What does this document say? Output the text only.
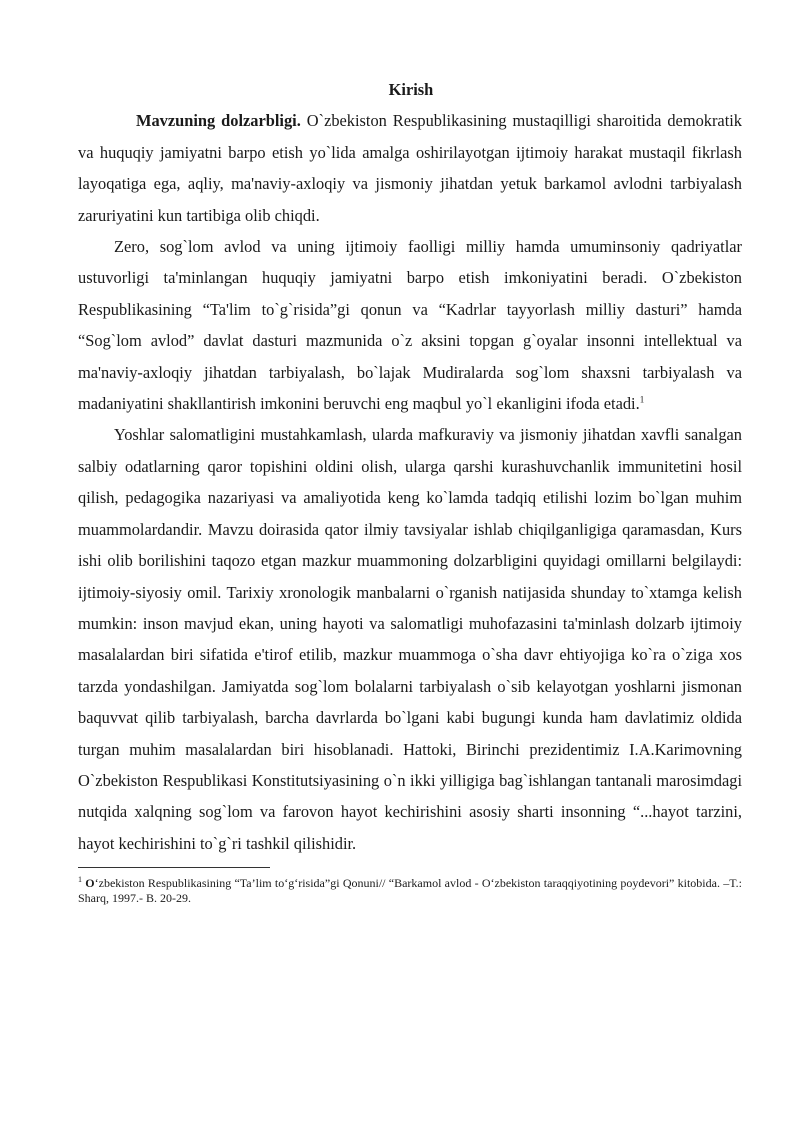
Kirish

Mavzuning dolzarbligi. O`zbekiston Respublikasining mustaqilligi sharoitida demokratik va huquqiy jamiyatni barpo etish yo`lida amalga oshirilayotgan ijtimoiy harakat mustaqil fikrlash layoqatiga ega, aqliy, ma'naviy-axloqiy va jismoniy jihatdan yetuk barkamol avlodni tarbiyalash zaruriyatini kun tartibiga olib chiqdi.

Zero, sog`lom avlod va uning ijtimoiy faolligi milliy hamda umuminsoniy qadriyatlar ustuvorligi ta'minlangan huquqiy jamiyatni barpo etish imkoniyatini beradi. O`zbekiston Respublikasining “Ta'lim to`g`risida”gi qonun va “Kadrlar tayyorlash milliy dasturi” hamda “Sog`lom avlod” davlat dasturi mazmunida o`z aksini topgan g`oyalar insonni intellektual va ma'naviy-axloqiy jihatdan tarbiyalash, bo`lajak Mudiralarda sog`lom shaxsni tarbiyalash va madaniyatini shakllantirish imkonini beruvchi eng maqbul yo`l ekanligini ifoda etadi.$^1$

Yoshlar salomatligini mustahkamlash, ularda mafkuraviy va jismoniy jihatdan xavfli sanalgan salbiy odatlarning qaror topishini oldini olish, ularga qarshi kurashuvchanlik immunitetini hosil qilish, pedagogika nazariyasi va amaliyotida keng ko`lamda tadqiq etilishi lozim bo`lgan muhim muammolardandir. Mavzu doirasida qator ilmiy tavsiyalar ishlab chiqilganligiga qaramasdan, Kurs ishi olib borilishini taqozo etgan mazkur muammoning dolzarbligini quyidagi omillarni belgilaydi: ijtimoiy-siyosiy omil. Tarixiy xronologik manbalarni o`rganish natijasida shunday to`xtamga kelish mumkin: inson mavjud ekan, uning hayoti va salomatligi muhofazasini ta'minlash dolzarb ijtimoiy masalalardan biri sifatida e'tirof etilib, mazkur muammoga o`sha davr ehtiyojiga ko`ra o`ziga xos tarzda yondashilgan. Jamiyatda sog`lom bolalarni tarbiyalash o`sib kelayotgan yoshlarni jismonan baquvvat qilib tarbiyalash, barcha davrlarda bo`lgani kabi bugungi kunda ham davlatimiz oldida turgan muhim masalalardan biri hisoblanadi. Hattoki, Birinchi prezidentimiz I.A.Karimovning O`zbekiston Respublikasi Konstitutsiyasining o`n ikki yilligiga bag`ishlangan tantanali marosimdagi nutqida xalqning sog`lom va farovon hayot kechirishini asosiy sharti insonning “...hayot tarzini, hayot kechirishini to`g`ri tashkil qilishidir.

$^1$ O‘zbekiston Respublikasining “Ta’lim to‘g‘risida”gi Qonuni// “Barkamol avlod - O‘zbekiston taraqqiyotining poydevori” kitobida. –T.: Sharq, 1997.- B. 20-29.
